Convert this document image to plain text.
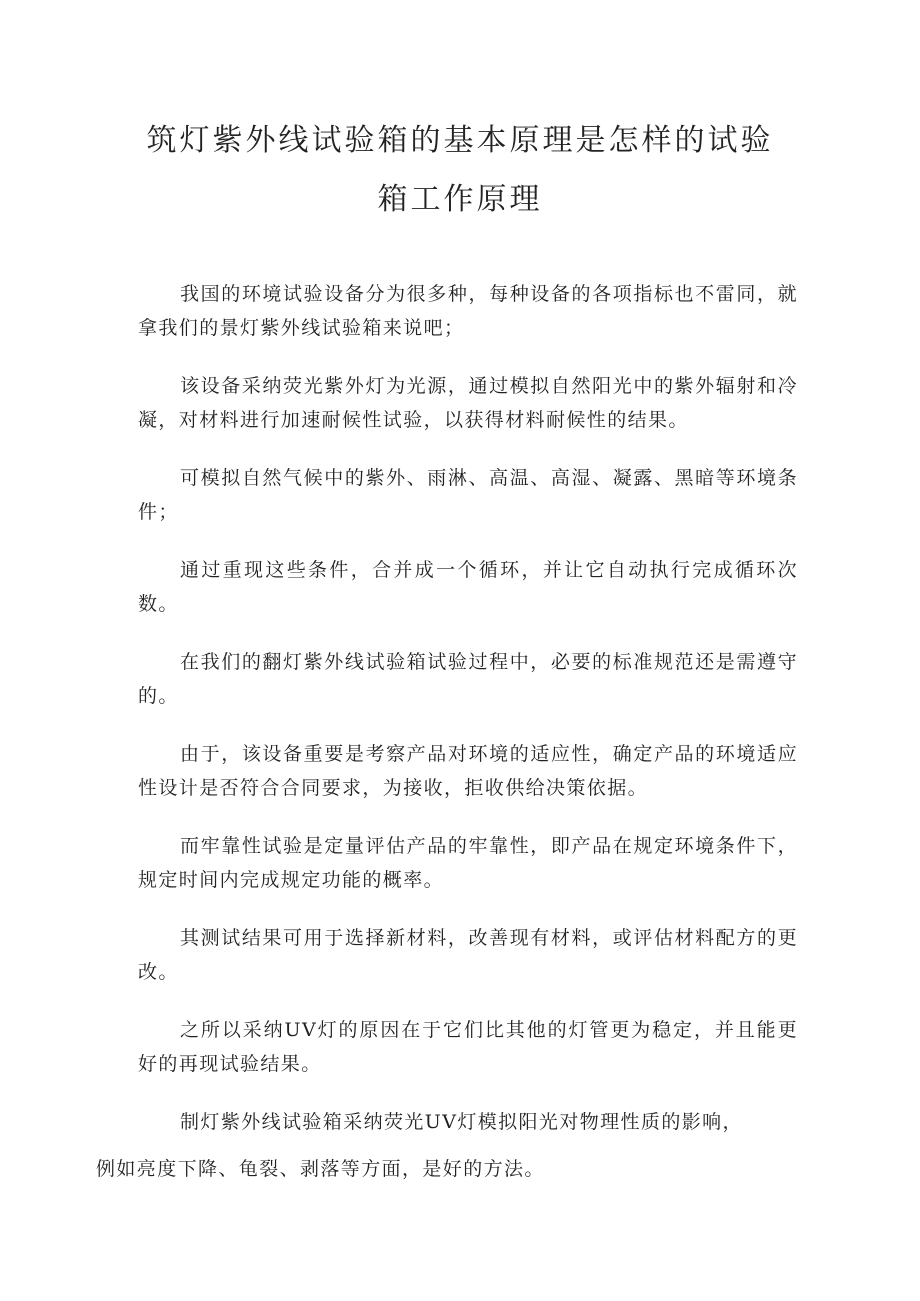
筑灯紫外线试验箱的基本原理是怎样的试验
箱工作原理

我国的环境试验设备分为很多种，每种设备的各项指标也不雷同，就拿我们的景灯紫外线试验箱来说吧；

该设备采纳荧光紫外灯为光源，通过模拟自然阳光中的紫外辐射和冷凝，对材料进行加速耐候性试验，以获得材料耐候性的结果。

可模拟自然气候中的紫外、雨淋、高温、高湿、凝露、黑暗等环境条件；

通过重现这些条件，合并成一个循环，并让它自动执行完成循环次数。

在我们的翻灯紫外线试验箱试验过程中，必要的标准规范还是需遵守的。

由于，该设备重要是考察产品对环境的适应性，确定产品的环境适应性设计是否符合合同要求，为接收，拒收供给决策依据。

而牢靠性试验是定量评估产品的牢靠性，即产品在规定环境条件下，规定时间内完成规定功能的概率。

其测试结果可用于选择新材料，改善现有材料，或评估材料配方的更改。

之所以采纳UV灯的原因在于它们比其他的灯管更为稳定，并且能更好的再现试验结果。

制灯紫外线试验箱采纳荧光UV灯模拟阳光对物理性质的影响，
例如亮度下降、龟裂、剥落等方面，是好的方法。
